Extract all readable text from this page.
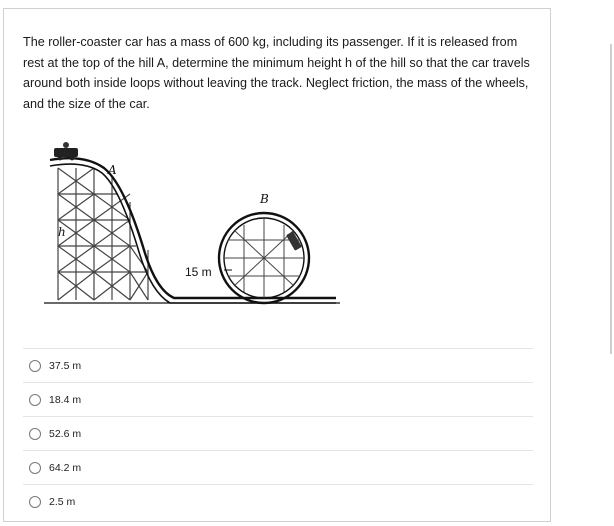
The roller-coaster car has a mass of 600 kg, including its passenger. If it is released from rest at the top of the hill A, determine the minimum height h of the hill so that the car travels around both inside loops without leaving the track. Neglect friction, the mass of the wheels, and the size of the car.
A
B
h
15 m
37.5 m
18.4 m
52.6 m
64.2 m
2.5 m
